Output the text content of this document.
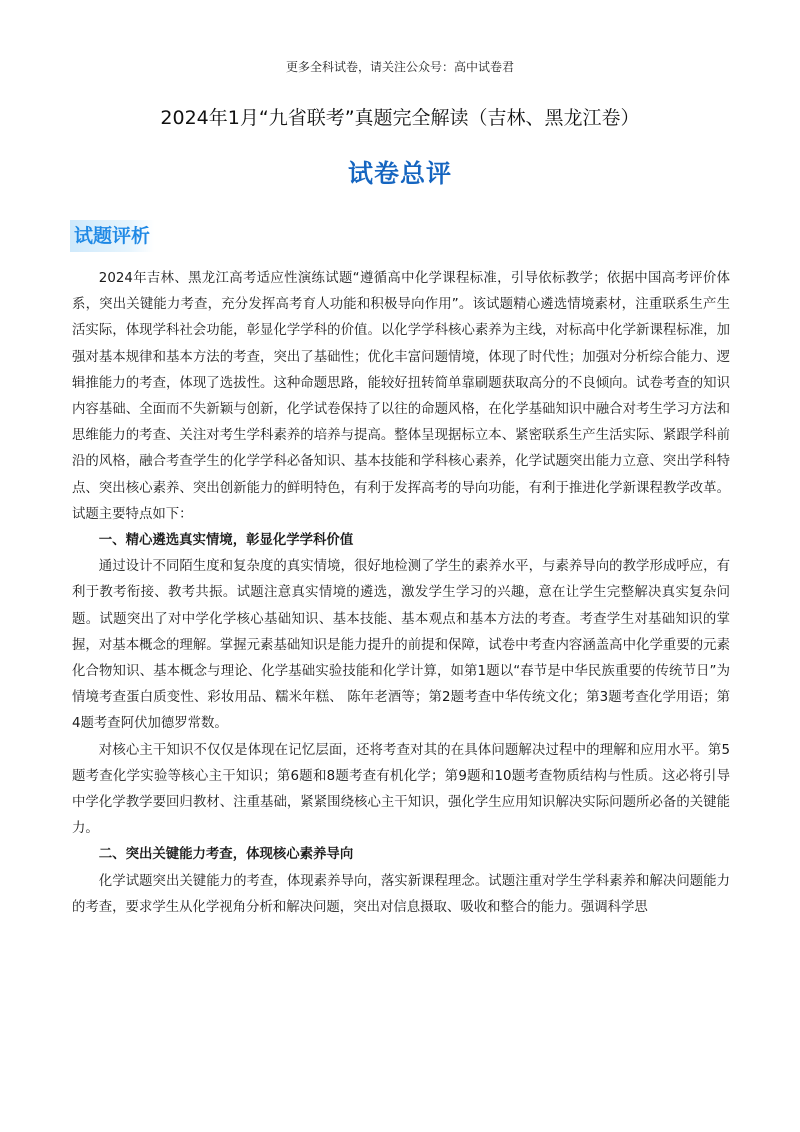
更多全科试卷，请关注公众号：高中试卷君
2024年1月“九省联考”真题完全解读（吉林、黑龙江卷）
试卷总评
试题评析

2024年吉林、黑龙江高考适应性演练试题“遵循高中化学课程标准，引导依标教学；依据中国高考评价体系，突出关键能力考查，充分发挥高考育人功能和积极导向作用”。该试题精心遴选情境素材，注重联系生产生活实际，体现学科社会功能，彰显化学学科的价值。以化学学科核心素养为主线，对标高中化学新课程标准，加强对基本规律和基本方法的考查，突出了基础性；优化丰富问题情境，体现了时代性；加强对分析综合能力、逻辑推能力的考查，体现了选拔性。这种命题思路，能较好扭转简单靠刷题获取高分的不良倾向。试卷考查的知识内容基础、全面而不失新颖与创新，化学试卷保持了以往的命题风格，在化学基础知识中融合对考生学习方法和思维能力的考查、关注对考生学科素养的培养与提高。整体呈现据标立本、紧密联系生产生活实际、紧跟学科前沿的风格，融合考查学生的化学学科必备知识、基本技能和学科核心素养，化学试题突出能力立意、突出学科特点、突出核心素养、突出创新能力的鲜明特色，有利于发挥高考的导向功能，有利于推进化学新课程教学改革。试题主要特点如下：

一、精心遴选真实情境，彰显化学学科价值

通过设计不同陌生度和复杂度的真实情境，很好地检测了学生的素养水平，与素养导向的教学形成呼应，有利于教考衔接、教考共振。试题注意真实情境的遴选，激发学生学习的兴趣，意在让学生完整解决真实复杂问题。试题突出了对中学化学核心基础知识、基本技能、基本观点和基本方法的考查。考查学生对基础知识的掌握，对基本概念的理解。掌握元素基础知识是能力提升的前提和保障，试卷中考查内容涵盖高中化学重要的元素化合物知识、基本概念与理论、化学基础实验技能和化学计算，如第1题以“春节是中华民族重要的传统节日”为情境考查蛋白质变性、彩妆用品、糯米年糕、 陈年老酒等；第2题考查中华传统文化；第3题考查化学用语；第4题考查阿伏加德罗常数。

对核心主干知识不仅仅是体现在记忆层面，还将考查对其的在具体问题解决过程中的理解和应用水平。第5题考查化学实验等核心主干知识；第6题和8题考查有机化学；第9题和10题考查物质结构与性质。这必将引导中学化学教学要回归教材、注重基础，紧紧围绕核心主干知识，强化学生应用知识解决实际问题所必备的关键能力。

二、突出关键能力考查，体现核心素养导向

化学试题突出关键能力的考查，体现素养导向，落实新课程理念。试题注重对学生学科素养和解决问题能力的考查，要求学生从化学视角分析和解决问题，突出对信息摄取、吸收和整合的能力。强调科学思
